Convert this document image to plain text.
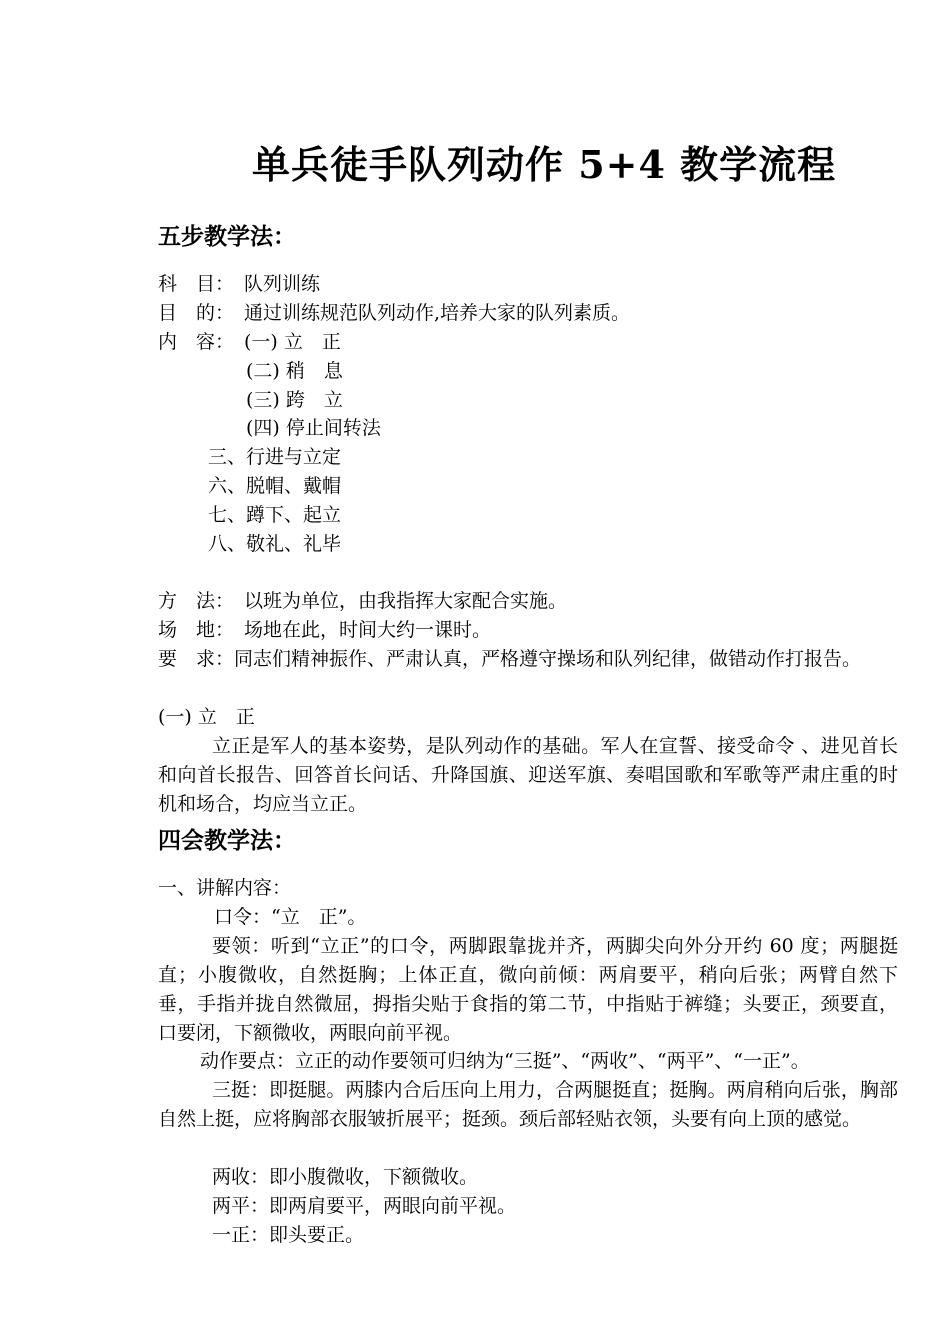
单兵徒手队列动作 5+4 教学流程
五步教学法：
科　目： 队列训练
目　的： 通过训练规范队列动作,培养大家的队列素质。
内　容： (一) 立　正
(二) 稍　息
(三) 跨　立
(四) 停止间转法
三、行进与立定
六、脱帽、戴帽
七、蹲下、起立
八、敬礼、礼毕
方　法： 以班为单位，由我指挥大家配合实施。
场　地： 场地在此，时间大约一课时。

要　求：同志们精神振作、严肃认真，严格遵守操场和队列纪律，做错动作打报告。

(一) 立　正

立正是军人的基本姿势，是队列动作的基础。军人在宣誓、接受命令 、进见首长和向首长报告、回答首长问话、升降国旗、迎送军旗、奏唱国歌和军歌等严肃庄重的时机和场合，均应当立正。

四会教学法：
一、讲解内容：
口令：“立　正”。

要领：听到“立正”的口令，两脚跟靠拢并齐，两脚尖向外分开约 60 度；两腿挺直；小腹微收，自然挺胸；上体正直，微向前倾：两肩要平，稍向后张；两臂自然下垂，手指并拢自然微屈，拇指尖贴于食指的第二节，中指贴于裤缝；头要正，颈要直，口要闭，下额微收，两眼向前平视。

动作要点：立正的动作要领可归纳为“三挺”、“两收”、“两平”、“一正”。

三挺：即挺腿。两膝内合后压向上用力，合两腿挺直；挺胸。两肩稍向后张，胸部自然上挺，应将胸部衣服皱折展平；挺颈。颈后部轻贴衣领，头要有向上顶的感觉。

两收：即小腹微收，下额微收。
两平：即两肩要平，两眼向前平视。
一正：即头要正。
